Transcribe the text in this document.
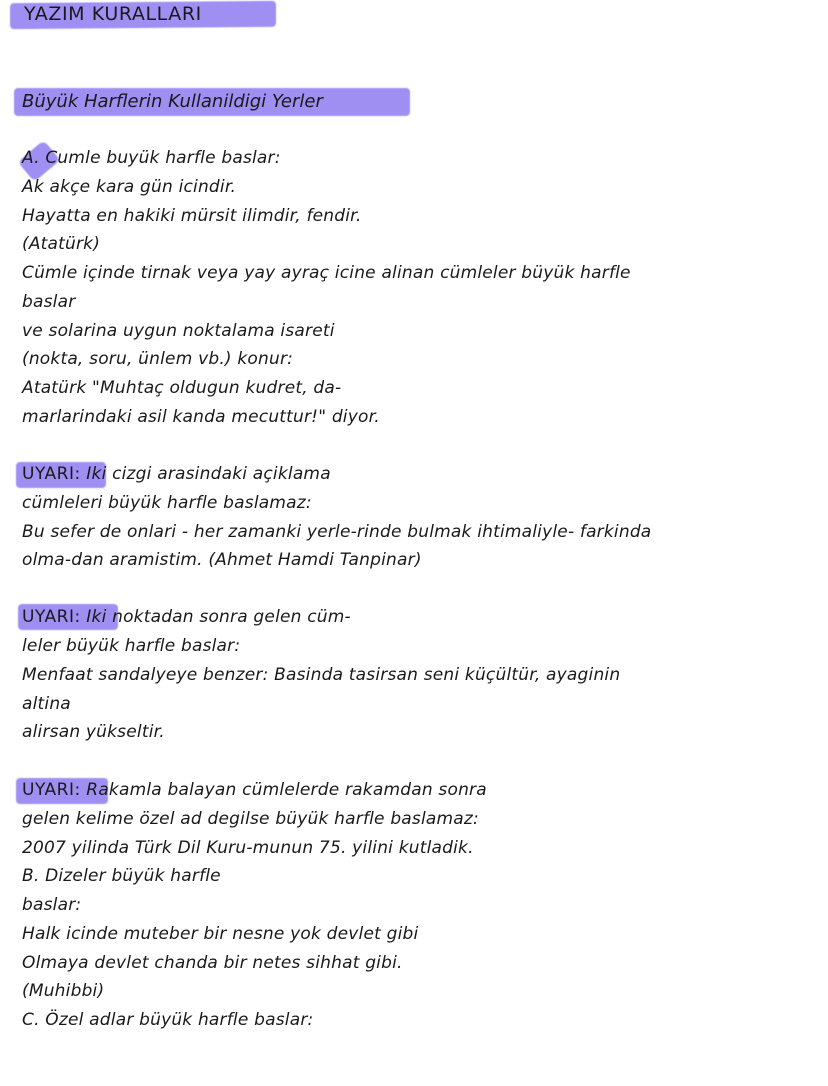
YAZIM KURALLARI
Büyük Harflerin Kullanildigi Yerler
A. Cumle buyük harfle baslar:
Ak akçe kara gün icindir.
Hayatta en hakiki mürsit ilimdir, fendir.
(Atatürk)
Cümle içinde tirnak veya yay ayraç icine alinan cümleler büyük harfle
baslar
ve solarina uygun noktalama isareti
(nokta, soru, ünlem vb.) konur:
Atatürk "Muhtaç oldugun kudret, da-
marlarindaki asil kanda mecuttur!" diyor.
UYARI: Iki cizgi arasindaki açiklama
cümleleri büyük harfle baslamaz:
Bu sefer de onlari - her zamanki yerle-rinde bulmak ihtimaliyle- farkinda
olma-dan aramistim. (Ahmet Hamdi Tanpinar)
UYARI: Iki noktadan sonra gelen cüm-
leler büyük harfle baslar:
Menfaat sandalyeye benzer: Basinda tasirsan seni küçültür, ayaginin
altina
alirsan yükseltir.
UYARI: Rakamla balayan cümlelerde rakamdan sonra
gelen kelime özel ad degilse büyük harfle baslamaz:
2007 yilinda Türk Dil Kuru-munun 75. yilini kutladik.
B. Dizeler büyük harfle
baslar:
Halk icinde muteber bir nesne yok devlet gibi
Olmaya devlet chanda bir netes sihhat gibi.
(Muhibbi)
C. Özel adlar büyük harfle baslar:
